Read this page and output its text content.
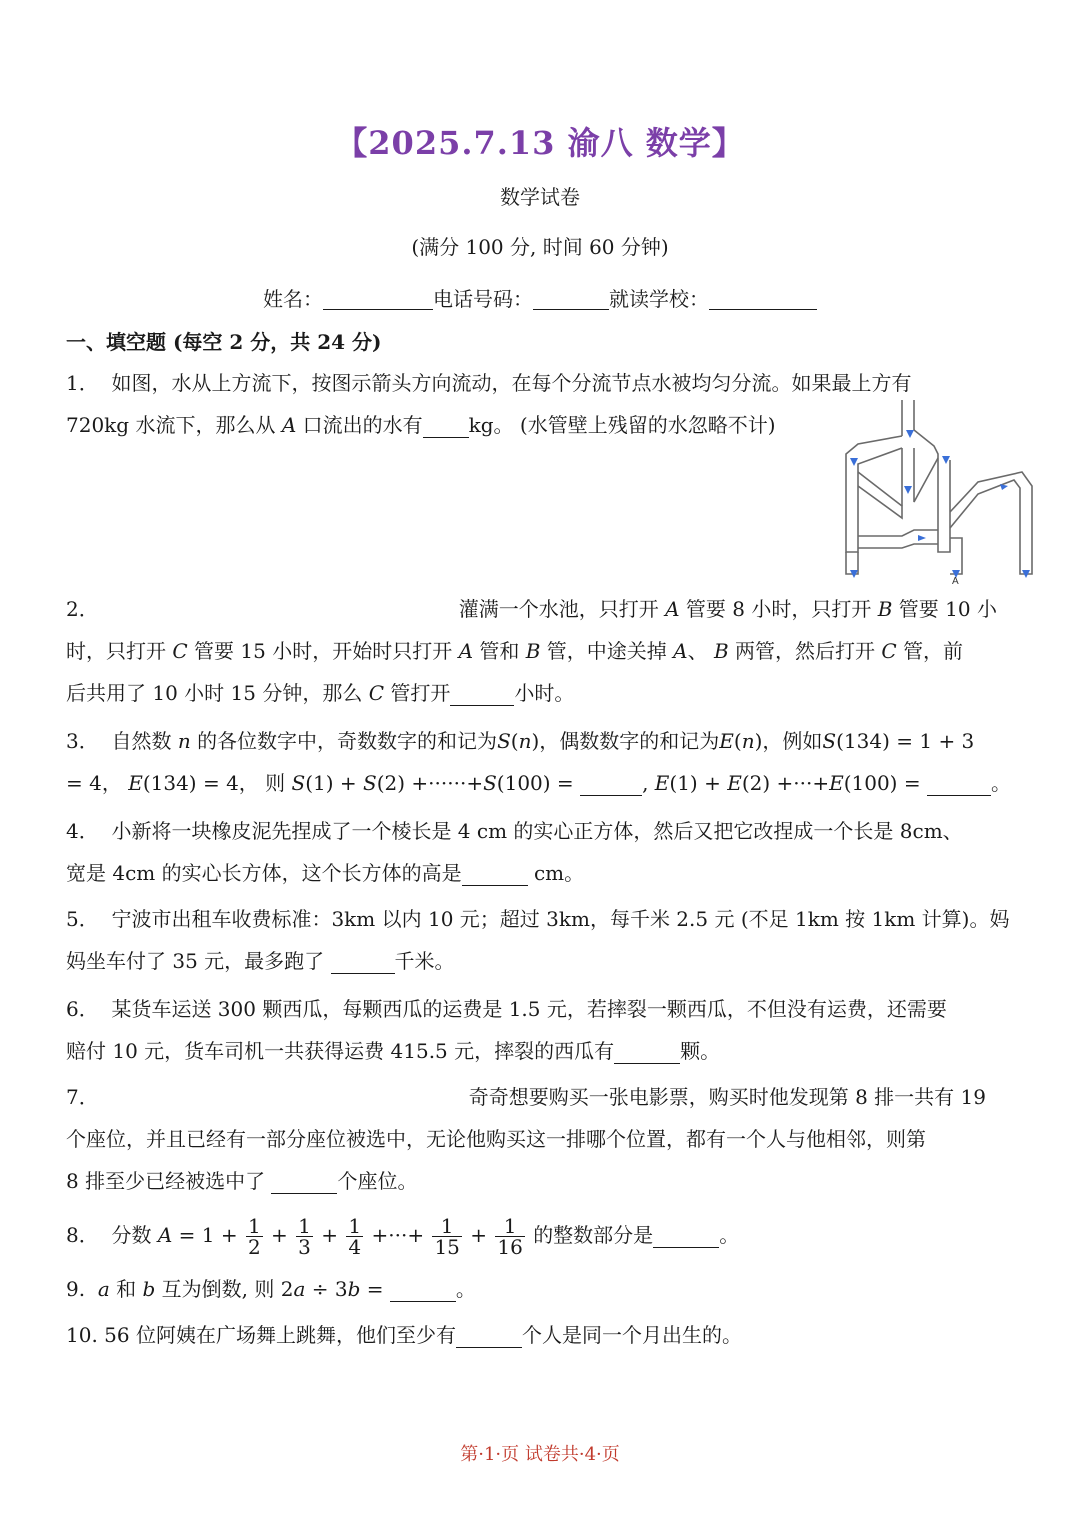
【2025.7.13 渝八 数学】
数学试卷
(满分 100 分, 时间 60 分钟)
姓名：	电话号码：	就读学校：
一、填空题 (每空 2 分，共 24 分)
1． 如图，水从上方流下，按图示箭头方向流动，在每个分流节点水被均匀分流。如果最上方有
720kg 水流下，那么从 A 口流出的水有 kg。 (水管壁上残留的水忽略不计)
A
2．	灌满一个水池，只打开 A 管要 8 小时，只打开 B 管要 10 小
时，只打开 C 管要 15 小时，开始时只打开 A 管和 B 管，中途关掉 A、 B 两管，然后打开 C 管，前
后共用了 10 小时 15 分钟，那么 C 管打开	小时。
3． 自然数 n 的各位数字中，奇数数字的和记为S(n)，偶数数字的和记为E(n)，例如S(134) = 1 + 3
= 4， E(134) = 4， 则 S(1) + S(2) +······+S(100) =	, E(1) + E(2) +···+E(100) =	。
4． 小新将一块橡皮泥先捏成了一个棱长是 4 cm 的实心正方体，然后又把它改捏成一个长是 8cm、
宽是 4cm 的实心长方体，这个长方体的高是	cm。
5． 宁波市出租车收费标准：3km 以内 10 元；超过 3km，每千米 2.5 元 (不足 1km 按 1km 计算)。妈
妈坐车付了 35 元，最多跑了	千米。
6． 某货车运送 300 颗西瓜，每颗西瓜的运费是 1.5 元，若摔裂一颗西瓜，不但没有运费，还需要
赔付 10 元，货车司机一共获得运费 415.5 元，摔裂的西瓜有	颗。
7．	奇奇想要购买一张电影票，购买时他发现第 8 排一共有 19
个座位，并且已经有一部分座位被选中，无论他购买这一排哪个位置，都有一个人与他相邻，则第
8 排至少已经被选中了	个座位。
8． 分数 $A = 1 + \frac{1}{2} + \frac{1}{3} + \frac{1}{4}$ +···+ $\frac{1}{15} + \frac{1}{16}$ 的整数部分是	。
9. a 和 b 互为倒数, 则 2a ÷ 3b =	。
10. 56 位阿姨在广场舞上跳舞，他们至少有	个人是同一个月出生的。
第·1·页 试卷共·4·页
